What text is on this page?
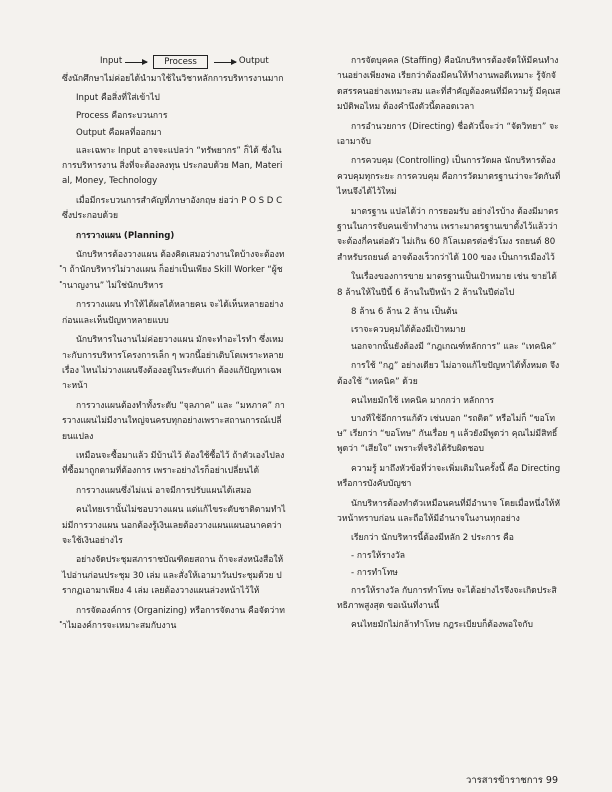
Input	Process	Output

ซึ่งนักศึกษาไม่ค่อยได้นำมาใช้ในวิชาหลักการบริหารงานมาก

Input คือสิ่งที่ใส่เข้าไป

Process คือกระบวนการ

Output คือผลที่ออกมา

และเฉพาะ Input อาจจะแปลว่า “ทรัพยากร” ก็ได้ ซึ่งในการบริหารงาน สิ่งที่จะต้องลงทุน ประกอบด้วย Man, Material, Money, Technology

เมื่อมีกระบวนการสำคัญที่ภาษาอังกฤษ ย่อว่า P O S D C ซึ่งประกอบด้วย

การวางแผน (Planning)

นักบริหารต้องวางแผน ต้องคิดเสมอว่างานใดบ้างจะต้องทำ ถ้านักบริหารไม่วางแผน ก็อย่าเป็นเพียง Skill Worker “ผู้ชำนาญงาน” ไม่ใช่นักบริหาร

การวางแผน ทำให้ได้ผลได้หลายคน จะได้เห็นหลายอย่างก่อนและเห็นปัญหาหลายแบบ

นักบริหารในงานไม่ค่อยวางแผน มักจะทำอะไรทำ ซึ่งเหมาะกับการบริหารโครงการเล็ก ๆ พวกนี้อย่าเติบโตเพราะหลายเรื่อง ไหนไม่วางแผนจึงต้องอยู่ในระดับเก่า ต้องแก้ปัญหาเฉพาะหน้า

การวางแผนต้องทำทั้งระดับ “จุลภาค” และ “มหภาค” การวางแผนไม่มีงานใหญ่จนครบทุกอย่างเพราะสถานการณ์เปลี่ยนแปลง

เหมือนจะซื้อมาแล้ว มีบ้านไว้ ต้องใช้ซื้อไว้ ถ้าตัวเองไปลงที่ซื้อมาถูกตามที่ต้องการ เพราะอย่างไรก็อย่าเปลี่ยนได้

การวางแผนซึ่งไม่แน่ อาจมีการปรับแผนได้เสมอ

คนไทยเรานั้นไม่ชอบวางแผน แต่แก้ไขระดับชาติตามทำไม่มีการวางแผน นอกต้องรู้เงินเลยต้องวางแผนแผนอนาคตว่าจะใช้เงินอย่างไร

อย่างจัดประชุมสภาราชบัณฑิตยสถาน ถ้าจะส่งหนังสือให้ไปอ่านก่อนประชุม 30 เล่ม และสั่งให้เอามาวันประชุมด้วย ปรากฏเอามาเพียง 4 เล่ม เลยต้องวางแผนล่วงหน้าไว้ให้

การจัดองค์การ (Organizing) หรือการจัดงาน คือจัดว่าทำไมองค์การจะเหมาะสมกับงาน

การจัดบุคคล (Staffing) คือนักบริหารต้องจัดให้มีคนทำงานอย่างเพียงพอ เรียกว่าต้องมีคนให้ทำงานพอดีเหมาะ รู้จักจัดสรรคนอย่างเหมาะสม และที่สำคัญต้องคนที่มีความรู้ มีคุณสมบัติพอไหม ต้องคำนึงตัวนี้ตลอดเวลา

การอำนวยการ (Directing) ชื่อตัวนี้จะว่า “จัดวิทยา” จะเอามาจับ

การควบคุม (Controlling) เป็นการวัดผล นักบริหารต้องควบคุมทุกระยะ การควบคุม คือการวัดมาตรฐานว่าจะวัดกันที่ไหนจึงได้ไว้ใหม่

มาตรฐาน แปลได้ว่า การยอมรับ อย่างไรบ้าง ต้องมีมาตรฐานในการจับคนเข้าทำงาน เพราะมาตรฐานเขาตั้งไว้แล้วว่าจะต้องกี่คนต่อตัว ไม่เกิน 60 กิโลเมตรต่อชั่วโมง รถยนต์ 80 สำหรับรถยนต์ อาจต้องเร็วกว่าได้ 100 ของ เป็นการเมืองไว้

ในเรื่องของการขาย มาตรฐานเป็นเป้าหมาย เช่น ขายได้ 8 ล้านให้ในปีนี้ 6 ล้านในปีหน้า 2 ล้านในปีต่อไป

8 ล้าน 6 ล้าน 2 ล้าน เป็นต้น

เราจะควบคุมได้ต้องมีเป้าหมาย

นอกจากนั้นยังต้องมี “กฎเกณฑ์หลักการ” และ “เทคนิค”

การใช้ “กฎ” อย่างเดียว ไม่อาจแก้ไขปัญหาได้ทั้งหมด จึงต้องใช้ “เทคนิค” ด้วย

คนไทยมักใช้ เทคนิค มากกว่า หลักการ

บางทีใช้อีกการแก้ตัว เช่นบอก “รถติด” หรือไม่ก็ “ขอโทษ” เรียกว่า “ขอโทษ” กันเรื่อย ๆ แล้วยังมีพูดว่า คุณไม่มีสิทธิ์พูดว่า “เสียใจ” เพราะที่จริงได้รับผิดชอบ

ความรู้ มาถึงหัวข้อที่ว่าจะเพิ่มเติมในครั้งนี้ คือ Directing หรือการบังคับบัญชา

นักบริหารต้องทำตัวเหมือนคนที่มีอำนาจ โดยเมื่อหนึ่งให้หัวหน้าทราบก่อน และถือให้มีอำนาจในงานทุกอย่าง

เรียกว่า นักบริหารนี้ต้องมีหลัก 2 ประการ คือ

- การให้รางวัล

- การทำโทษ

การให้รางวัล กับการทำโทษ จะได้อย่างไรจึงจะเกิดประสิทธิภาพสูงสุด ขอเน้นที่งานนี้

คนไทยมักไม่กล้าทำโทษ กฎระเบียบก็ต้องพอใจกับ

วารสารข้าราชการ 99
